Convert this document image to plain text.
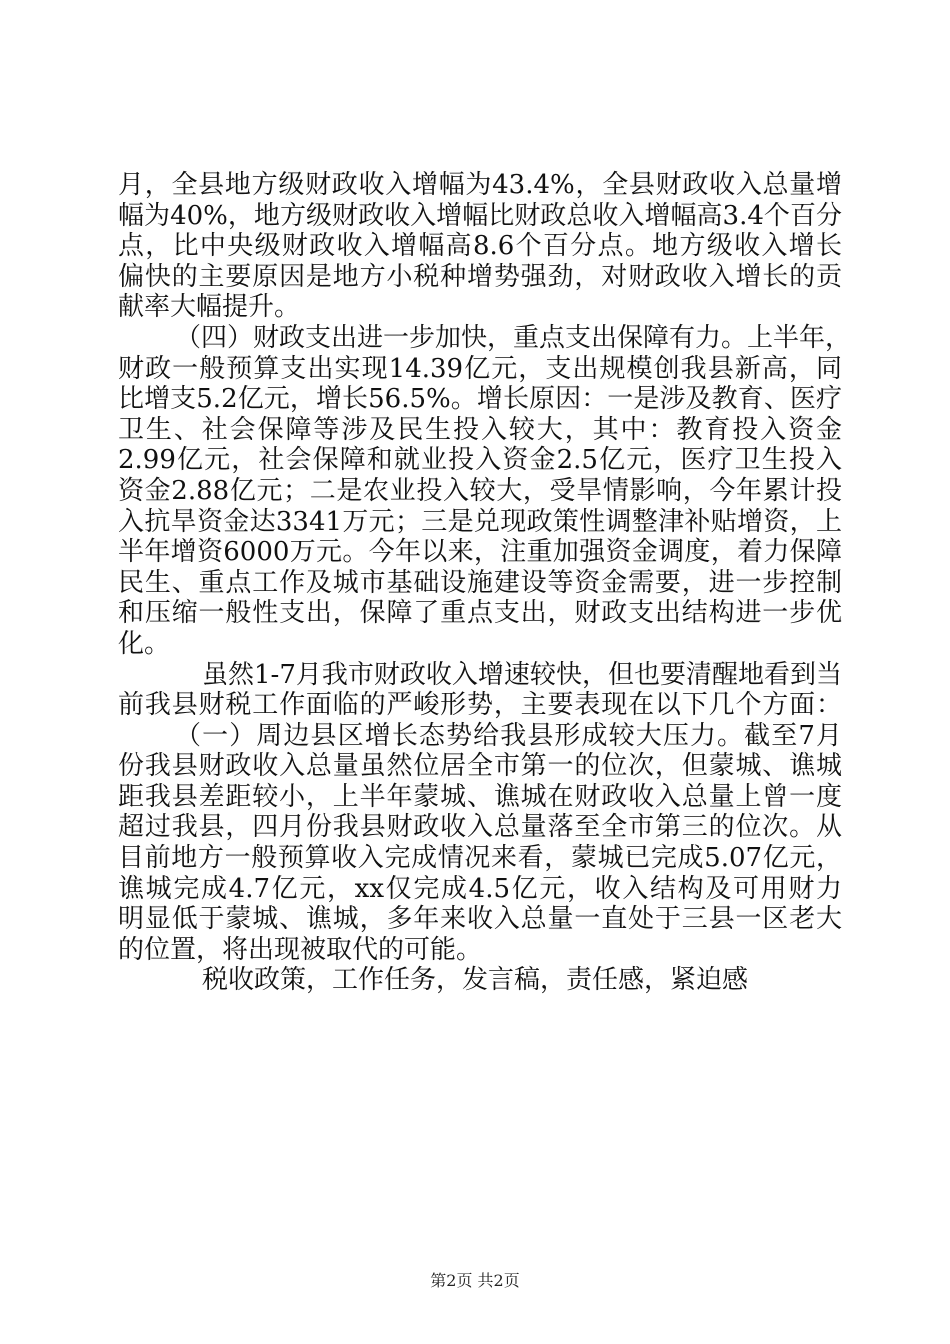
月，全县地方级财政收入增幅为43.4%，全县财政收入总量增
幅为40%，地方级财政收入增幅比财政总收入增幅高3.4个百分
点，比中央级财政收入增幅高8.6个百分点。地方级收入增长
偏快的主要原因是地方小税种增势强劲，对财政收入增长的贡
献率大幅提升。
（四）财政支出进一步加快，重点支出保障有力。上半年，
财政一般预算支出实现14.39亿元，支出规模创我县新高，同
比增支5.2亿元，增长56.5%。增长原因：一是涉及教育、医疗
卫生、社会保障等涉及民生投入较大，其中：教育投入资金
2.99亿元，社会保障和就业投入资金2.5亿元，医疗卫生投入
资金2.88亿元；二是农业投入较大，受旱情影响，今年累计投
入抗旱资金达3341万元；三是兑现政策性调整津补贴增资，上
半年增资6000万元。今年以来，注重加强资金调度，着力保障
民生、重点工作及城市基础设施建设等资金需要，进一步控制
和压缩一般性支出，保障了重点支出，财政支出结构进一步优
化。
虽然1-7月我市财政收入增速较快，但也要清醒地看到当
前我县财税工作面临的严峻形势，主要表现在以下几个方面：
（一）周边县区增长态势给我县形成较大压力。截至7月
份我县财政收入总量虽然位居全市第一的位次，但蒙城、谯城
距我县差距较小，上半年蒙城、谯城在财政收入总量上曾一度
超过我县，四月份我县财政收入总量落至全市第三的位次。从
目前地方一般预算收入完成情况来看，蒙城已完成5.07亿元，
谯城完成4.7亿元，xx仅完成4.5亿元，收入结构及可用财力
明显低于蒙城、谯城，多年来收入总量一直处于三县一区老大
的位置，将出现被取代的可能。
税收政策，工作任务，发言稿，责任感，紧迫感
第2页 共2页
